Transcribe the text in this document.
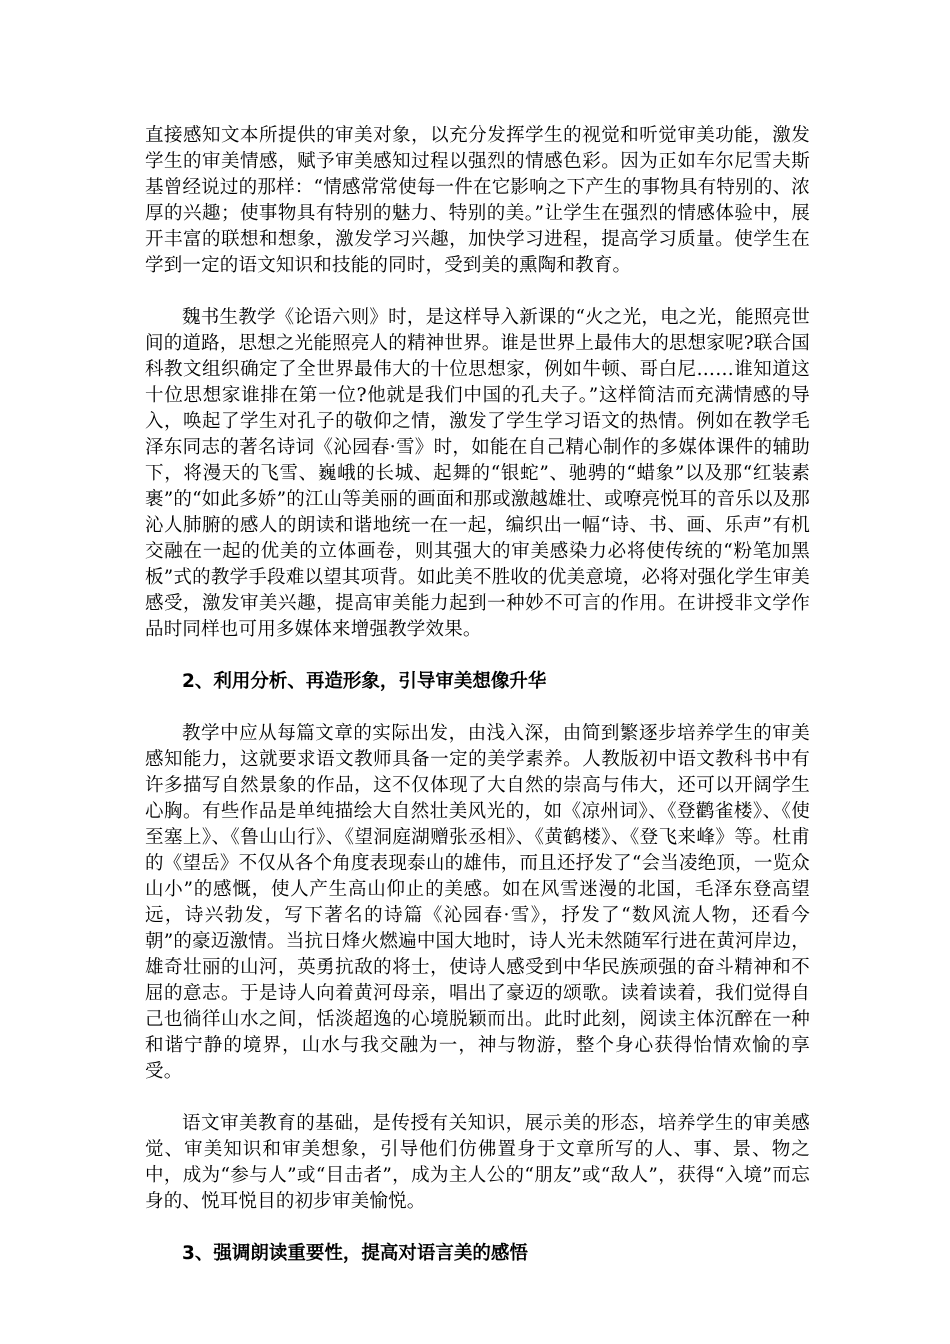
直接感知文本所提供的审美对象，以充分发挥学生的视觉和听觉审美功能，激发学生的审美情感，赋予审美感知过程以强烈的情感色彩。因为正如车尔尼雪夫斯基曾经说过的那样：“情感常常使每一件在它影响之下产生的事物具有特别的、浓厚的兴趣；使事物具有特别的魅力、特别的美。”让学生在强烈的情感体验中，展开丰富的联想和想象，激发学习兴趣，加快学习进程，提高学习质量。使学生在学到一定的语文知识和技能的同时，受到美的熏陶和教育。

魏书生教学《论语六则》时，是这样导入新课的“火之光，电之光，能照亮世间的道路，思想之光能照亮人的精神世界。谁是世界上最伟大的思想家呢?联合国科教文组织确定了全世界最伟大的十位思想家，例如牛顿、哥白尼……谁知道这十位思想家谁排在第一位?他就是我们中国的孔夫子。”这样简洁而充满情感的导入，唤起了学生对孔子的敬仰之情，激发了学生学习语文的热情。例如在教学毛泽东同志的著名诗词《沁园春·雪》时，如能在自己精心制作的多媒体课件的辅助下，将漫天的飞雪、巍峨的长城、起舞的“银蛇”、驰骋的“蜡象”以及那“红装素裹”的“如此多娇”的江山等美丽的画面和那或激越雄壮、或嘹亮悦耳的音乐以及那沁人肺腑的感人的朗读和谐地统一在一起，编织出一幅“诗、书、画、乐声”有机交融在一起的优美的立体画卷，则其强大的审美感染力必将使传统的“粉笔加黑板”式的教学手段难以望其项背。如此美不胜收的优美意境，必将对强化学生审美感受，激发审美兴趣，提高审美能力起到一种妙不可言的作用。在讲授非文学作品时同样也可用多媒体来增强教学效果。

2、利用分析、再造形象，引导审美想像升华

教学中应从每篇文章的实际出发，由浅入深，由简到繁逐步培养学生的审美感知能力，这就要求语文教师具备一定的美学素养。人教版初中语文教科书中有许多描写自然景象的作品，这不仅体现了大自然的崇高与伟大，还可以开阔学生心胸。有些作品是单纯描绘大自然壮美风光的，如《凉州词》、《登鹳雀楼》、《使至塞上》、《鲁山山行》、《望洞庭湖赠张丞相》、《黄鹤楼》、《登飞来峰》等。杜甫的《望岳》不仅从各个角度表现泰山的雄伟，而且还抒发了“会当凌绝顶，一览众山小”的感慨，使人产生高山仰止的美感。如在风雪迷漫的北国，毛泽东登高望远，诗兴勃发，写下著名的诗篇《沁园春·雪》，抒发了“数风流人物，还看今朝”的豪迈激情。当抗日烽火燃遍中国大地时，诗人光未然随军行进在黄河岸边，雄奇壮丽的山河，英勇抗敌的将士，使诗人感受到中华民族顽强的奋斗精神和不屈的意志。于是诗人向着黄河母亲，唱出了豪迈的颂歌。读着读着，我们觉得自己也徜徉山水之间，恬淡超逸的心境脱颖而出。此时此刻，阅读主体沉醉在一种和谐宁静的境界，山水与我交融为一，神与物游，整个身心获得怡情欢愉的享受。

语文审美教育的基础，是传授有关知识，展示美的形态，培养学生的审美感觉、审美知识和审美想象，引导他们仿佛置身于文章所写的人、事、景、物之中，成为“参与人”或“目击者”，成为主人公的“朋友”或“敌人”，获得“入境”而忘身的、悦耳悦目的初步审美愉悦。

3、强调朗读重要性，提高对语言美的感悟
